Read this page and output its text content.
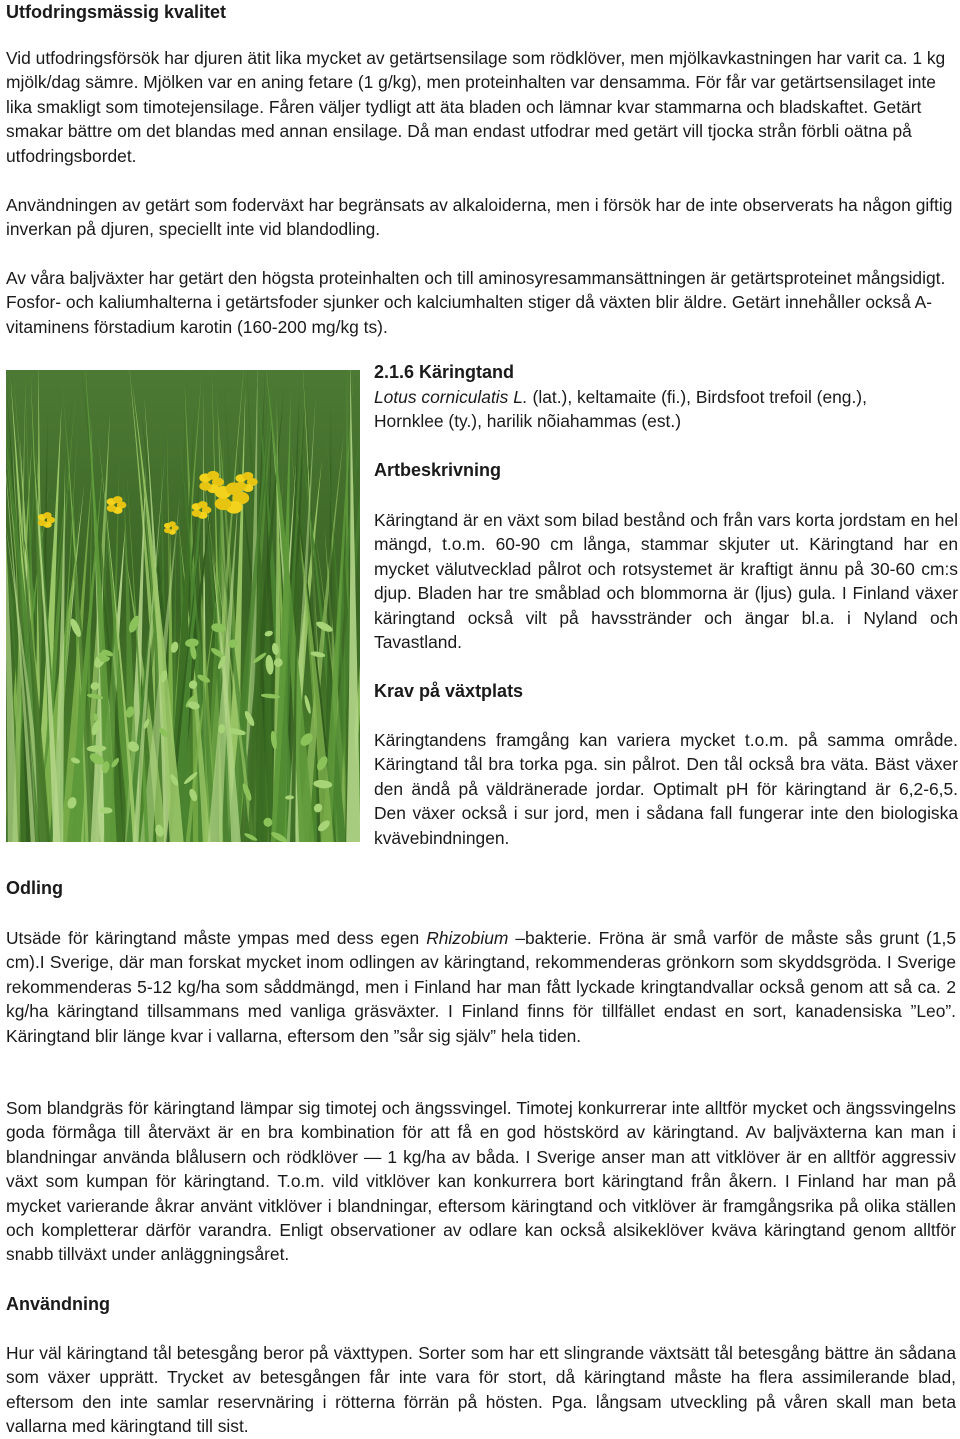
Utfodringsmässig kvalitet

Vid utfodringsförsök har djuren ätit lika mycket av getärtsensilage som rödklöver, men mjölkavkastningen har varit ca. 1 kg mjölk/dag sämre. Mjölken var en aning fetare (1 g/kg), men proteinhalten var densamma. För får var getärtsensilaget inte lika smakligt som timotejensilage. Fåren väljer tydligt att äta bladen och lämnar kvar stammarna och bladskaftet. Getärt smakar bättre om det blandas med annan ensilage. Då man endast utfodrar med getärt vill tjocka strån förbli oätna på utfodringsbordet.

Användningen av getärt som foderväxt har begränsats av alkaloiderna, men i försök har de inte observerats ha någon giftig inverkan på djuren, speciellt inte vid blandodling.

Av våra baljväxter har getärt den högsta proteinhalten och till aminosyresammansättningen är getärtsproteinet mångsidigt. Fosfor- och kaliumhalterna i getärtsfoder sjunker och kalciumhalten stiger då växten blir äldre. Getärt innehåller också A-vitaminens förstadium karotin (160-200 mg/kg ts).

2.1.6 Käringtand

Lotus corniculatis L. (lat.), keltamaite (fi.), Birdsfoot trefoil (eng.),
Hornklee (ty.), harilik nõiahammas (est.)

Artbeskrivning

Käringtand är en växt som bilad bestånd och från vars korta jordstam en hel mängd, t.o.m. 60-90 cm långa, stammar skjuter ut. Käringtand har en mycket välutvecklad pålrot och rotsystemet är kraftigt ännu på 30-60 cm:s djup. Bladen har tre småblad och blommorna är (ljus) gula. I Finland växer käringtand också vilt på havsstränder och ängar bl.a. i Nyland och Tavastland.

Krav på växtplats

Käringtandens framgång kan variera mycket t.o.m. på samma område. Käringtand tål bra torka pga. sin pålrot. Den tål också bra väta. Bäst växer den ändå på väldränerade jordar. Optimalt pH för käringtand är 6,2-6,5. Den växer också i sur jord, men i sådana fall fungerar inte den biologiska kvävebindningen.

Odling

Utsäde för käringtand måste ympas med dess egen Rhizobium –bakterie. Fröna är små varför de måste sås grunt (1,5 cm).I Sverige, där man forskat mycket inom odlingen av käringtand, rekommenderas grönkorn som skyddsgröda. I Sverige rekommenderas 5-12 kg/ha som såddmängd, men i Finland har man fått lyckade kringtandvallar också genom att så ca. 2 kg/ha käringtand tillsammans med vanliga gräsväxter. I Finland finns för tillfället endast en sort, kanadensiska ”Leo”. Käringtand blir länge kvar i vallarna, eftersom den ”sår sig själv” hela tiden.

Som blandgräs för käringtand lämpar sig timotej och ängssvingel. Timotej konkurrerar inte alltför mycket och ängssvingelns goda förmåga till återväxt är en bra kombination för att få en god höstskörd av käringtand. Av baljväxterna kan man i blandningar använda blålusern och rödklöver — 1 kg/ha av båda. I Sverige anser man att vitklöver är en alltför aggressiv växt som kumpan för käringtand. T.o.m. vild vitklöver kan konkurrera bort käringtand från åkern. I Finland har man på mycket varierande åkrar använt vitklöver i blandningar, eftersom käringtand och vitklöver är framgångsrika på olika ställen och kompletterar därför varandra. Enligt observationer av odlare kan också alsikeklöver kväva käringtand genom alltför snabb tillväxt under anläggningsåret.

Användning

Hur väl käringtand tål betesgång beror på växttypen. Sorter som har ett slingrande växtsätt tål betesgång bättre än sådana som växer upprätt. Trycket av betesgången får inte vara för stort, då käringtand måste ha flera assimilerande blad, eftersom den inte samlar reservnäring i rötterna förrän på hösten. Pga. långsam utveckling på våren skall man beta vallarna med käringtand till sist.
